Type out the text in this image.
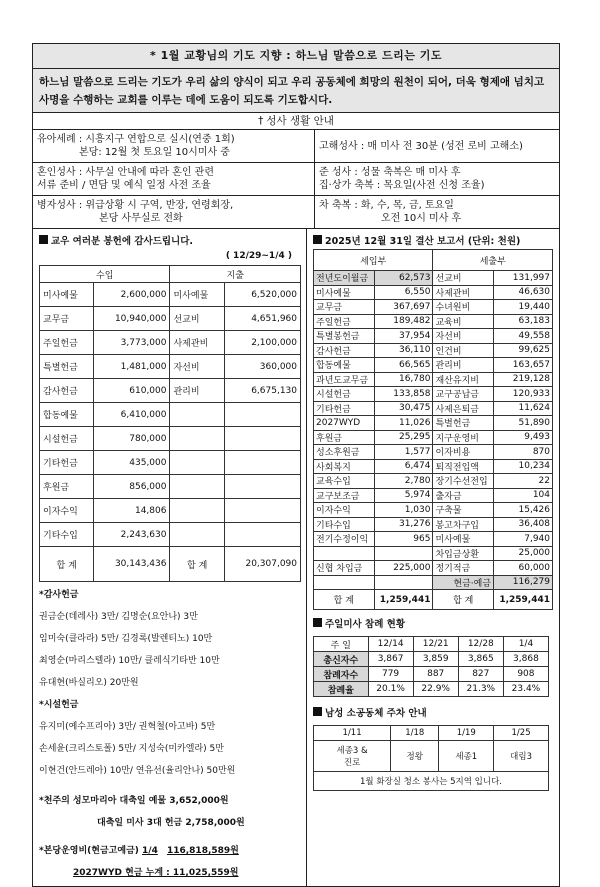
* 1월 교황님의 기도 지향 : 하느님 말씀으로 드리는 기도
하느님 말씀으로 드리는 기도가 우리 삶의 양식이 되고 우리 공동체에 희망의 원천이 되어, 더욱 형제애 넘치고 사명을 수행하는 교회를 이루는 데에 도움이 되도록 기도합시다.
† 성사 생활 안내
유아세례 : 시흥지구 연합으로 실시(연중 1회)
본당: 12월 첫 토요일 10시미사 중
고해성사 : 매 미사 전 30분 (성전 로비 고해소)
혼인성사 : 사무실 안내에 따라 혼인 관련
서류 준비 / 면담 및 예식 일정 사전 조율
준 성사 : 성물 축복은 매 미사 후
집·상가 축복 : 목요일(사전 신청 조율)
병자성사 : 위급상황 시 구역, 반장, 연령회장,
본당 사무실로 전화
차 축복 : 화, 수, 목, 금, 토요일
오전 10시 미사 후
교우 여러분 봉헌에 감사드립니다.
( 12/29~1/4 )
수입		지출	
미사예물	2,600,000	미사예물	6,520,000
교무금	10,940,000	선교비	4,651,960
주일헌금	3,773,000	사제관비	2,100,000
특별헌금	1,481,000	자선비	360,000
감사헌금	610,000	관리비	6,675,130
합동예물	6,410,000		
시설헌금	780,000		
기타헌금	435,000		
후원금	856,000		
이자수익	14,806		
기타수입	2,243,630		
합 계	30,143,436	합 계	20,307,090
*감사헌금
권금순(데레사) 3만/ 김명순(요안나) 3만
임미숙(클라라) 5만/ 김경록(발렌티노) 10만
최영순(마리스텔라) 10만/ 클레식기타반 10만
유대현(바실리오) 20만원
*시설헌금
유지미(예수프리아) 3만/ 권혁철(아고바) 5만
손세윤(크리스토폴) 5만/ 지성숙(미카엘라) 5만
이현건(안드레아) 10만/ 연유선(율리안나) 50만원
*천주의 성모마리아 대축일 예물 3,652,000원
대축일 미사 3대 헌금 2,758,000원
*본당운영비(현금고예금) 1/4 116,818,589원
2027WYD 현금 누계 : 11,025,559원
2025년 12월 31일 결산 보고서 (단위: 천원)
세입부		세출부	
전년도이월금	62,573	선교비	131,997
미사예물	6,550	사제관비	46,630
교무금	367,697	수녀원비	19,440
주일헌금	189,482	교육비	63,183
특별봉헌금	37,954	자선비	49,558
감사헌금	36,110	인건비	99,625
합동예물	66,565	관리비	163,657
과년도교무금	16,780	재산유지비	219,128
시설헌금	133,858	교구공납금	120,933
기타헌금	30,475	사제은퇴금	11,624
2027WYD	11,026	특별헌금	51,890
후원금	25,295	지구운영비	9,493
성소후원금	1,577	이자비용	870
사회복지	6,474	퇴직전입액	10,234
교육수입	2,780	장기수선전입	22
교구보조금	5,974	출자금	104
이자수익	1,030	구축물	15,426
기타수입	31,276	봉고차구입	36,408
전기수정이익	965	미사예물	7,940
		차입금상환	25,000
신협 차입금	225,000	정기적금	60,000
		현금·예금	116,279
합 계	1,259,441	합 계	1,259,441
주일미사 참례 현황
주 일	12/14	12/21	12/28	1/4
총신자수	3,867	3,859	3,865	3,868
참례자수	779	887	827	908
참례율	20.1%	22.9%	21.3%	23.4%
남성 소공동체 주차 안내
1/11	1/18	1/19	1/25
세종3 &
진로	정왕	세종1	대림3
1월 화장실 청소 봉사는 5지역 입니다.			
